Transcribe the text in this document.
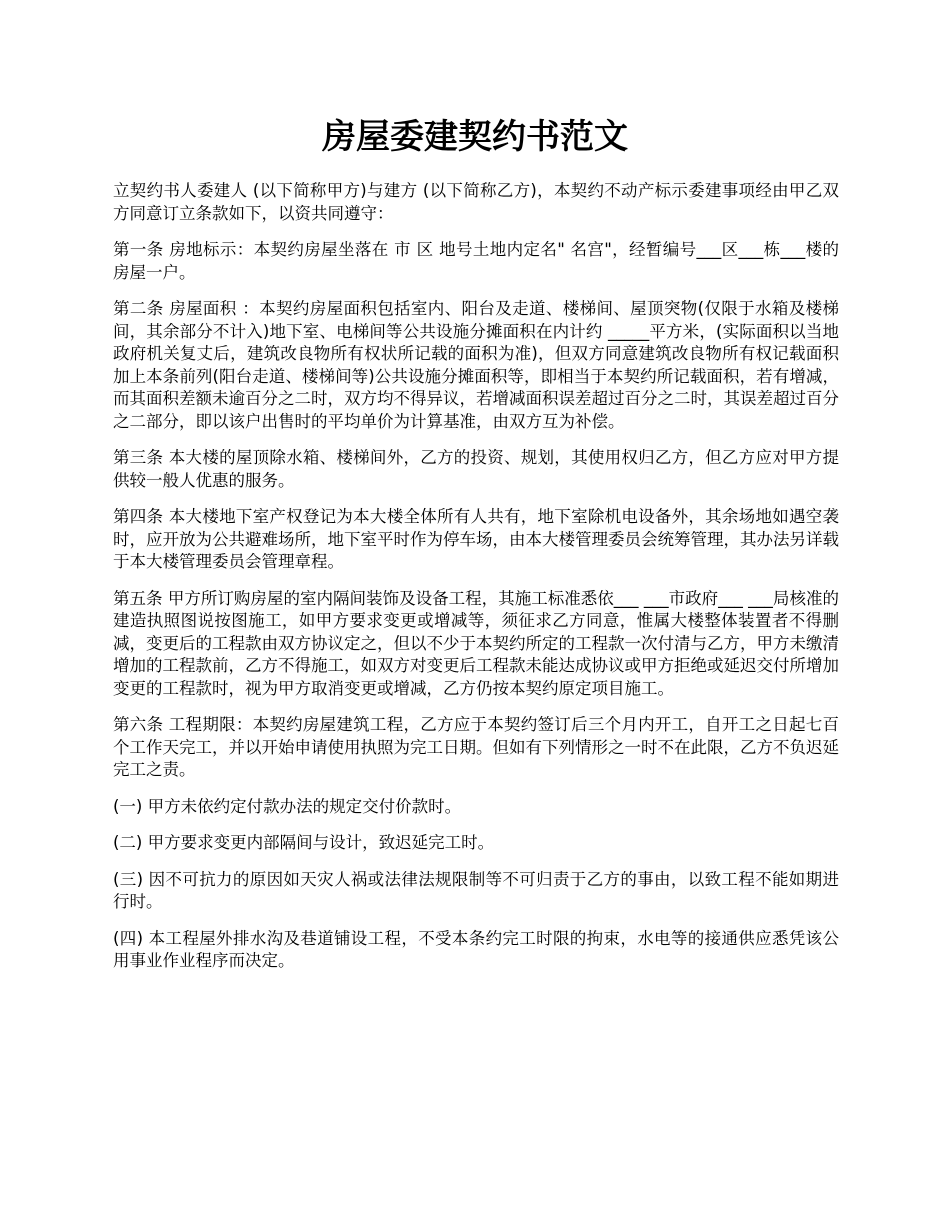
房屋委建契约书范文

立契约书人委建人 (以下简称甲方)与建方 (以下简称乙方)，本契约不动产标示委建事项经由甲乙双方同意订立条款如下，以资共同遵守：

第一条 房地标示：本契约房屋坐落在 市 区 地号土地内定名" 名宫"，经暂编号___区___栋___楼的房屋一户。

第二条 房屋面积 ：本契约房屋面积包括室内、阳台及走道、楼梯间、屋顶突物(仅限于水箱及楼梯间，其余部分不计入)地下室、电梯间等公共设施分摊面积在内计约 _____平方米，(实际面积以当地政府机关复丈后，建筑改良物所有权状所记载的面积为准)，但双方同意建筑改良物所有权记载面积加上本条前列(阳台走道、楼梯间等)公共设施分摊面积等，即相当于本契约所记载面积，若有增减，而其面积差额未逾百分之二时，双方均不得异议，若增减面积误差超过百分之二时，其误差超过百分之二部分，即以该户出售时的平均单价为计算基准，由双方互为补偿。

第三条 本大楼的屋顶除水箱、楼梯间外，乙方的投资、规划，其使用权归乙方，但乙方应对甲方提供较一般人优惠的服务。

第四条 本大楼地下室产权登记为本大楼全体所有人共有，地下室除机电设备外，其余场地如遇空袭时，应开放为公共避难场所，地下室平时作为停车场，由本大楼管理委员会统筹管理，其办法另详载于本大楼管理委员会管理章程。

第五条 甲方所订购房屋的室内隔间装饰及设备工程，其施工标准悉依___ ___市政府___ ___局核准的建造执照图说按图施工，如甲方要求变更或增减等，须征求乙方同意，惟属大楼整体装置者不得删减，变更后的工程款由双方协议定之，但以不少于本契约所定的工程款一次付清与乙方，甲方未缴清增加的工程款前，乙方不得施工，如双方对变更后工程款未能达成协议或甲方拒绝或延迟交付所增加变更的工程款时，视为甲方取消变更或增减，乙方仍按本契约原定项目施工。

第六条 工程期限：本契约房屋建筑工程，乙方应于本契约签订后三个月内开工，自开工之日起七百个工作天完工，并以开始申请使用执照为完工日期。但如有下列情形之一时不在此限，乙方不负迟延完工之责。

(一) 甲方未依约定付款办法的规定交付价款时。

(二) 甲方要求变更内部隔间与设计，致迟延完工时。

(三) 因不可抗力的原因如天灾人祸或法律法规限制等不可归责于乙方的事由，以致工程不能如期进行时。

(四) 本工程屋外排水沟及巷道铺设工程，不受本条约完工时限的拘束，水电等的接通供应悉凭该公用事业作业程序而决定。
